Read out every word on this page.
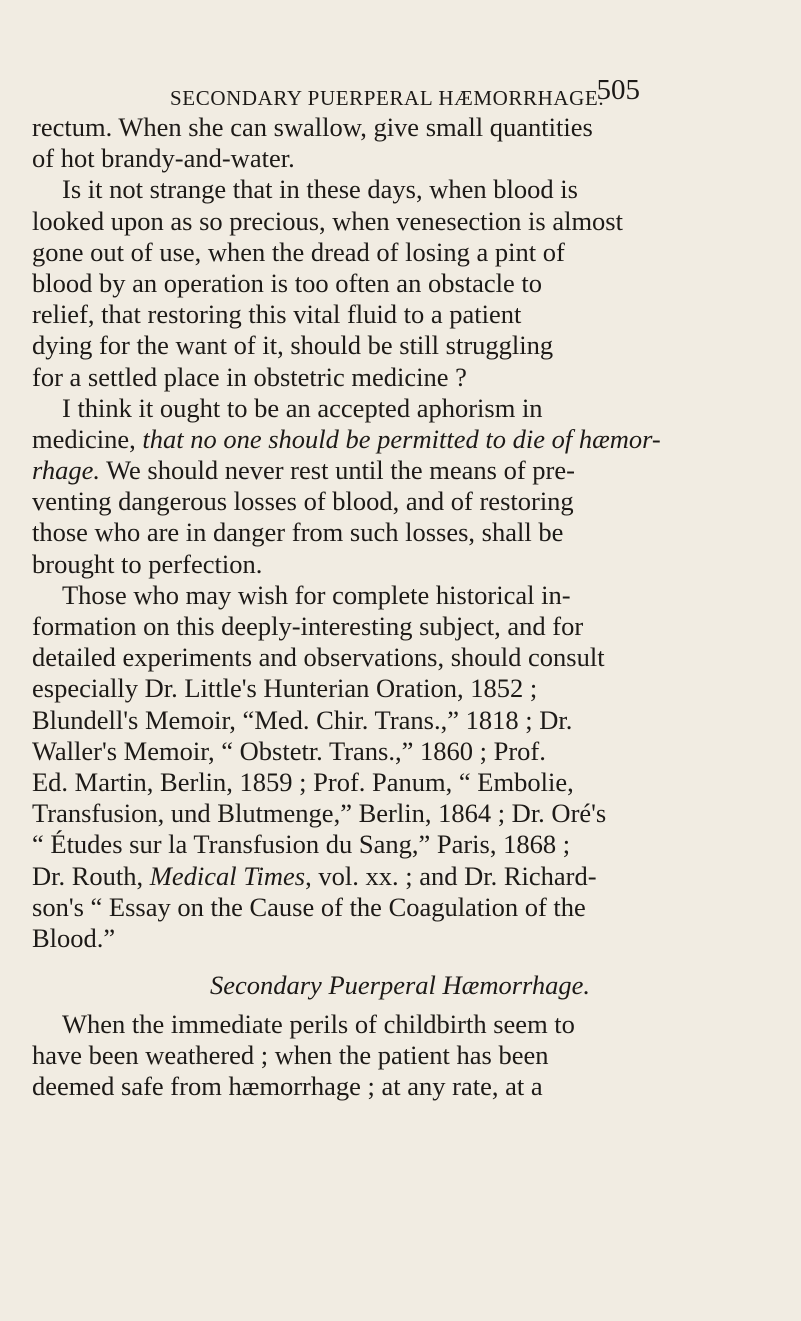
SECONDARY PUERPERAL HÆMORRHAGE.
505
rectum. When she can swallow, give small quantities
of hot brandy-and-water.
Is it not strange that in these days, when blood is
looked upon as so precious, when venesection is almost
gone out of use, when the dread of losing a pint of
blood by an operation is too often an obstacle to
relief, that restoring this vital fluid to a patient
dying for the want of it, should be still struggling
for a settled place in obstetric medicine ?
I think it ought to be an accepted aphorism in
medicine, that no one should be permitted to die of hæmor-
rhage. We should never rest until the means of pre-
venting dangerous losses of blood, and of restoring
those who are in danger from such losses, shall be
brought to perfection.
Those who may wish for complete historical in-
formation on this deeply-interesting subject, and for
detailed experiments and observations, should consult
especially Dr. Little's Hunterian Oration, 1852 ;
Blundell's Memoir, “Med. Chir. Trans.,” 1818 ; Dr.
Waller's Memoir, “ Obstetr. Trans.,” 1860 ; Prof.
Ed. Martin, Berlin, 1859 ; Prof. Panum, “ Embolie,
Transfusion, und Blutmenge,” Berlin, 1864 ; Dr. Oré's
“ Études sur la Transfusion du Sang,” Paris, 1868 ;
Dr. Routh, Medical Times, vol. xx. ; and Dr. Richard-
son's “ Essay on the Cause of the Coagulation of the
Blood.”
Secondary Puerperal Hæmorrhage.
When the immediate perils of childbirth seem to
have been weathered ; when the patient has been
deemed safe from hæmorrhage ; at any rate, at a
